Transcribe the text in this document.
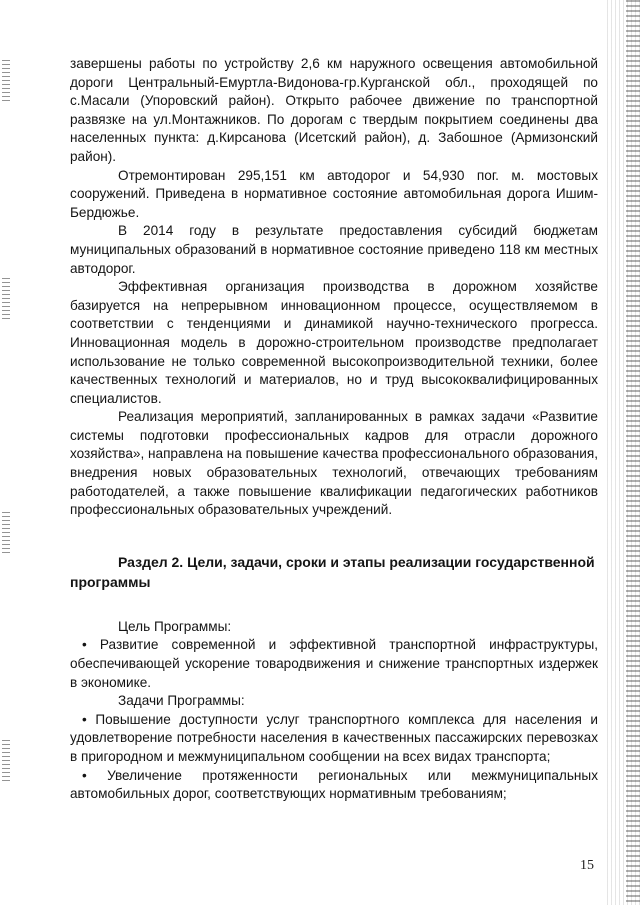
завершены работы по устройству 2,6 км наружного освещения автомобильной дороги Центральный-Емуртла-Видонова-гр.Курганской обл., проходящей по с.Масали (Упоровский район). Открыто рабочее движение по транспортной развязке на ул.Монтажников. По дорогам с твердым покрытием соединены два населенных пункта: д.Кирсанова (Исетский район), д. Забошное (Армизонский район).

Отремонтирован 295,151 км автодорог и 54,930 пог. м. мостовых сооружений. Приведена в нормативное состояние автомобильная дорога Ишим-Бердюжье.

В 2014 году в результате предоставления субсидий бюджетам муниципальных образований в нормативное состояние приведено 118 км местных автодорог.

Эффективная организация производства в дорожном хозяйстве базируется на непрерывном инновационном процессе, осуществляемом в соответствии с тенденциями и динамикой научно-технического прогресса. Инновационная модель в дорожно-строительном производстве предполагает использование не только современной высокопроизводительной техники, более качественных технологий и материалов, но и труд высококвалифицированных специалистов.

Реализация мероприятий, запланированных в рамках задачи «Развитие системы подготовки профессиональных кадров для отрасли дорожного хозяйства», направлена на повышение качества профессионального образования, внедрения новых образовательных технологий, отвечающих требованиям работодателей, а также повышение квалификации педагогических работников профессиональных образовательных учреждений.

Раздел 2. Цели, задачи, сроки и этапы реализации государственной программы

Цель Программы:

• Развитие современной и эффективной транспортной инфраструктуры, обеспечивающей ускорение товародвижения и снижение транспортных издержек в экономике.

Задачи Программы:

• Повышение доступности услуг транспортного комплекса для населения и удовлетворение потребности населения в качественных пассажирских перевозках в пригородном и межмуниципальном сообщении на всех видах транспорта;

• Увеличение протяженности региональных или межмуниципальных автомобильных дорог, соответствующих нормативным требованиям;

15
